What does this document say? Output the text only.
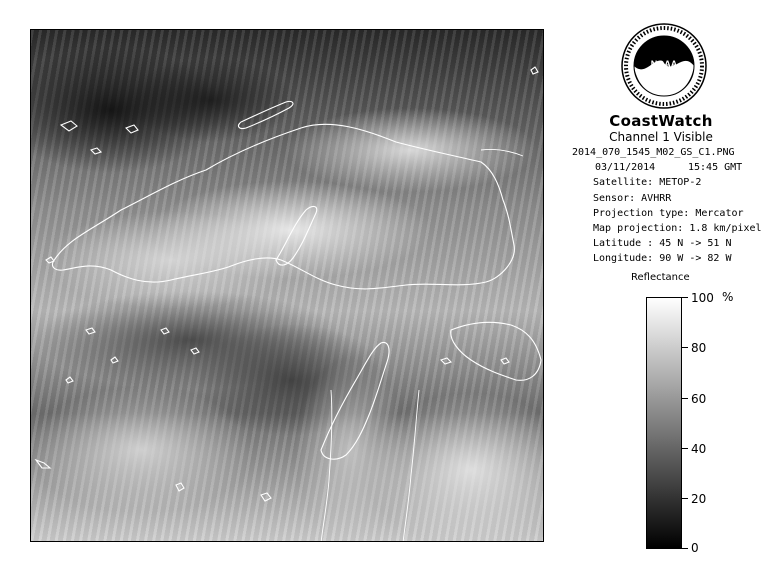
NOAA
CoastWatch
Channel 1 Visible
2014_070_1545_M02_GS_C1.PNG
03/11/2014	15:45 GMT
Satellite: METOP-2
Sensor: AVHRR
Projection type: Mercator
Map projection: 1.8 km/pixel
Latitude : 45 N -> 51 N
Longitude: 90 W -> 82 W
Reflectance
%
100
80
60
40
20
0
